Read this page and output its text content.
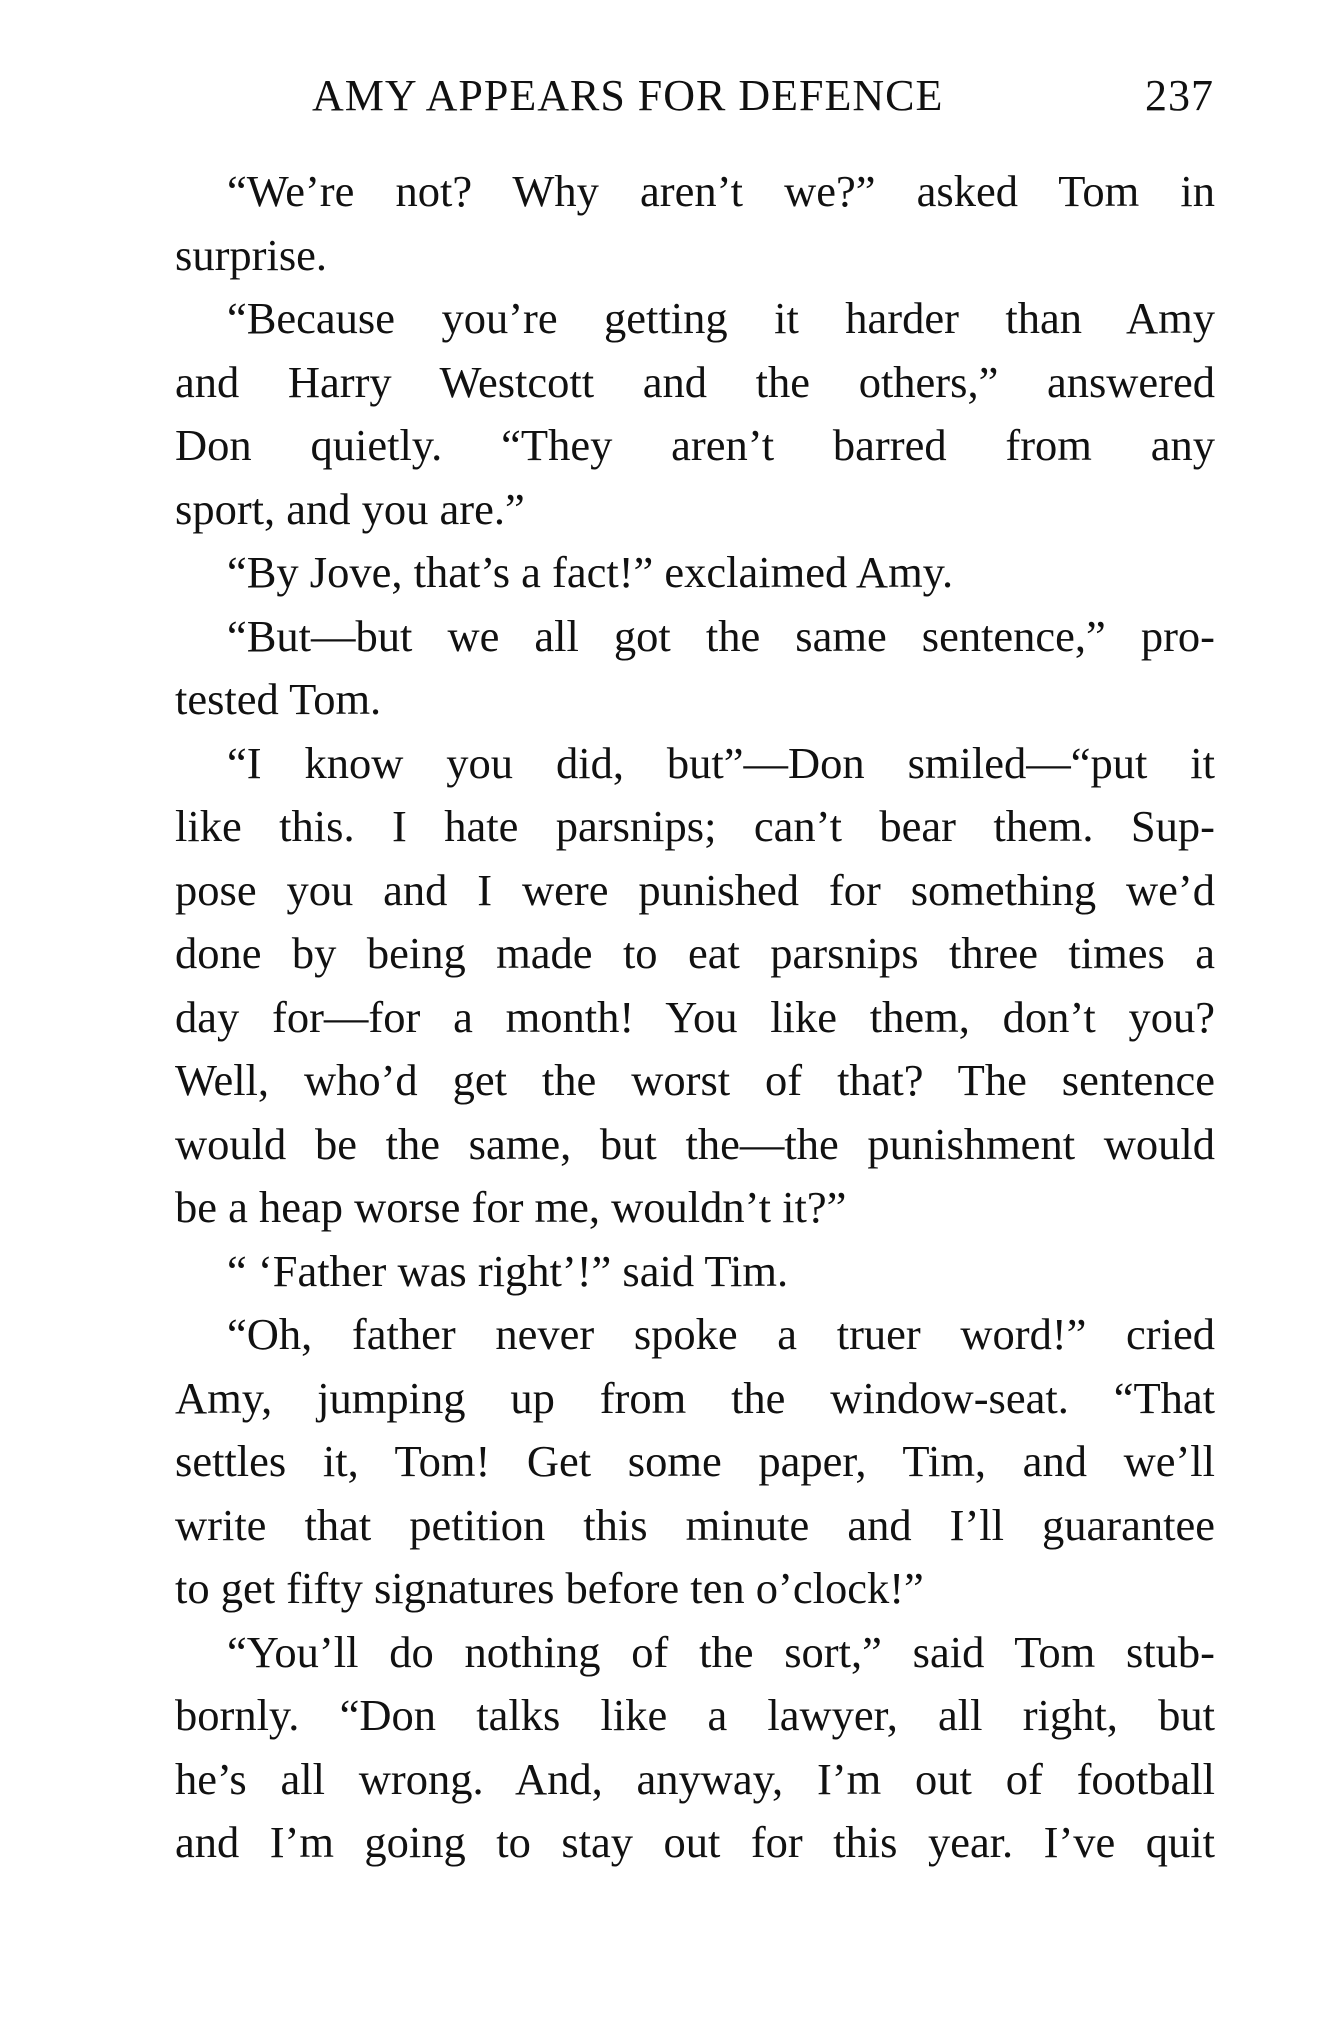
AMY APPEARS FOR DEFENCE	237
“We’re not? Why aren’t we?” asked Tom in
surprise.
“Because you’re getting it harder than Amy
and Harry Westcott and the others,” answered
Don quietly. “They aren’t barred from any
sport, and you are.”
“By Jove, that’s a fact!” exclaimed Amy.
“But—but we all got the same sentence,” pro-
tested Tom.
“I know you did, but”—Don smiled—“put it
like this. I hate parsnips; can’t bear them. Sup-
pose you and I were punished for something we’d
done by being made to eat parsnips three times a
day for—for a month! You like them, don’t you?
Well, who’d get the worst of that? The sentence
would be the same, but the—the punishment would
be a heap worse for me, wouldn’t it?”
“ ‘Father was right’!” said Tim.
“Oh, father never spoke a truer word!” cried
Amy, jumping up from the window-seat. “That
settles it, Tom! Get some paper, Tim, and we’ll
write that petition this minute and I’ll guarantee
to get fifty signatures before ten o’clock!”
“You’ll do nothing of the sort,” said Tom stub-
bornly. “Don talks like a lawyer, all right, but
he’s all wrong. And, anyway, I’m out of football
and I’m going to stay out for this year. I’ve quit
